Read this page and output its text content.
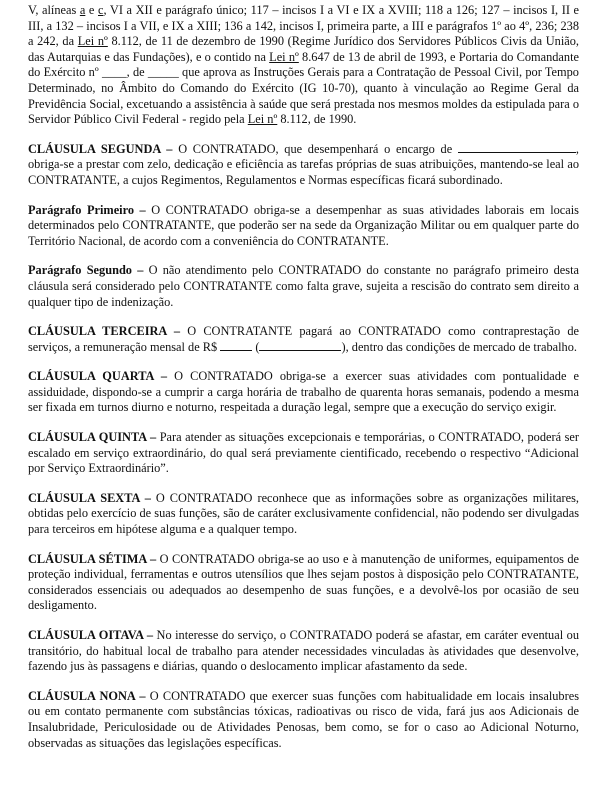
V, alíneas a e c, VI a XII e parágrafo único; 117 – incisos I a VI e IX a XVIII; 118 a 126; 127 – incisos I, II e III, a 132 – incisos I a VII, e IX a XIII; 136 a 142, incisos I, primeira parte, a III e parágrafos 1º ao 4º, 236; 238 a 242, da Lei nº 8.112, de 11 de dezembro de 1990 (Regime Jurídico dos Servidores Públicos Civis da União, das Autarquias e das Fundações), e o contido na Lei nº 8.647 de 13 de abril de 1993, e Portaria do Comandante do Exército nº ____, de _____ que aprova as Instruções Gerais para a Contratação de Pessoal Civil, por Tempo Determinado, no Âmbito do Comando do Exército (IG 10-70), quanto à vinculação ao Regime Geral da Previdência Social, excetuando a assistência à saúde que será prestada nos mesmos moldes da estipulada para o Servidor Público Civil Federal - regido pela Lei nº 8.112, de 1990.

CLÁUSULA SEGUNDA – O CONTRATADO, que desempenhará o encargo de	, obriga-se a prestar com zelo, dedicação e eficiência as tarefas próprias de suas atribuições, mantendo-se leal ao CONTRATANTE, a cujos Regimentos, Regulamentos e Normas específicas ficará subordinado.

Parágrafo Primeiro – O CONTRATADO obriga-se a desempenhar as suas atividades laborais em locais determinados pelo CONTRATANTE, que poderão ser na sede da Organização Militar ou em qualquer parte do Território Nacional, de acordo com a conveniência do CONTRATANTE.

Parágrafo Segundo – O não atendimento pelo CONTRATADO do constante no parágrafo primeiro desta cláusula será considerado pelo CONTRATANTE como falta grave, sujeita a rescisão do contrato sem direito a qualquer tipo de indenização.

CLÁUSULA TERCEIRA – O CONTRATANTE pagará ao CONTRATADO como contraprestação de serviços, a remuneração mensal de R$	(	), dentro das condições de mercado de trabalho.

CLÁUSULA QUARTA – O CONTRATADO obriga-se a exercer suas atividades com pontualidade e assiduidade, dispondo-se a cumprir a carga horária de trabalho de quarenta horas semanais, podendo a mesma ser fixada em turnos diurno e noturno, respeitada a duração legal, sempre que a execução do serviço exigir.

CLÁUSULA QUINTA – Para atender as situações excepcionais e temporárias, o CONTRATADO, poderá ser escalado em serviço extraordinário, do qual será previamente cientificado, recebendo o respectivo “Adicional por Serviço Extraordinário”.

CLÁUSULA SEXTA – O CONTRATADO reconhece que as informações sobre as organizações militares, obtidas pelo exercício de suas funções, são de caráter exclusivamente confidencial, não podendo ser divulgadas para terceiros em hipótese alguma e a qualquer tempo.

CLÁUSULA SÉTIMA – O CONTRATADO obriga-se ao uso e à manutenção de uniformes, equipamentos de proteção individual, ferramentas e outros utensílios que lhes sejam postos à disposição pelo CONTRATANTE, considerados essenciais ou adequados ao desempenho de suas funções, e a devolvê-los por ocasião de seu desligamento.

CLÁUSULA OITAVA – No interesse do serviço, o CONTRATADO poderá se afastar, em caráter eventual ou transitório, do habitual local de trabalho para atender necessidades vinculadas às atividades que desenvolve, fazendo jus às passagens e diárias, quando o deslocamento implicar afastamento da sede.

CLÁUSULA NONA – O CONTRATADO que exercer suas funções com habitualidade em locais insalubres ou em contato permanente com substâncias tóxicas, radioativas ou risco de vida, fará jus aos Adicionais de Insalubridade, Periculosidade ou de Atividades Penosas, bem como, se for o caso ao Adicional Noturno, observadas as situações das legislações específicas.
